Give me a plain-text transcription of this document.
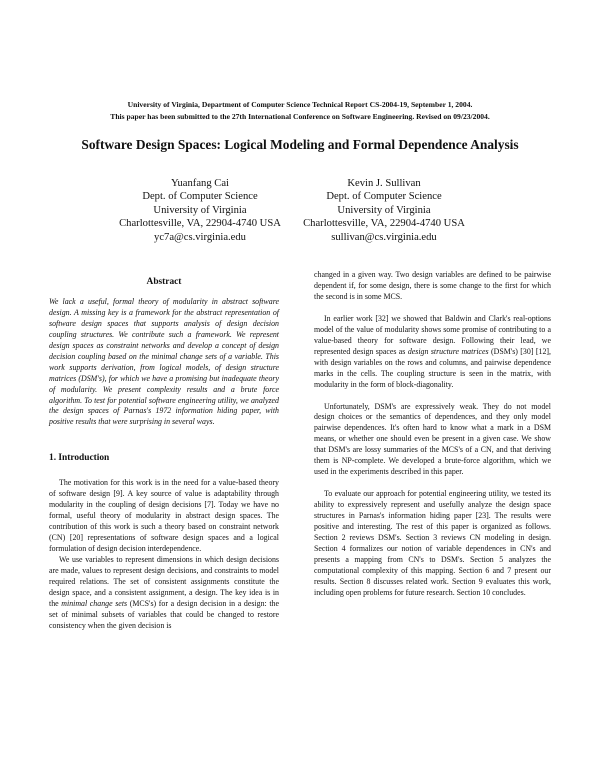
University of Virginia, Department of Computer Science Technical Report CS-2004-19, September 1, 2004.
This paper has been submitted to the 27th International Conference on Software Engineering. Revised on 09/23/2004.
Software Design Spaces: Logical Modeling and Formal Dependence Analysis
Yuanfang Cai
Dept. of Computer Science
University of Virginia
Charlottesville, VA, 22904-4740 USA
yc7a@cs.virginia.edu
Kevin J. Sullivan
Dept. of Computer Science
University of Virginia
Charlottesville, VA, 22904-4740 USA
sullivan@cs.virginia.edu
Abstract

We lack a useful, formal theory of modularity in abstract software design. A missing key is a framework for the abstract representation of software design spaces that supports analysis of design decision coupling structures. We contribute such a framework. We represent design spaces as constraint networks and develop a concept of design decision coupling based on the minimal change sets of a variable. This work supports derivation, from logical models, of design structure matrices (DSM's), for which we have a promising but inadequate theory of modularity. We present complexity results and a brute force algorithm. To test for potential software engineering utility, we analyzed the design spaces of Parnas's 1972 information hiding paper, with positive results that were surprising in several ways.

1. Introduction

The motivation for this work is in the need for a value-based theory of software design [9]. A key source of value is adaptability through modularity in the coupling of design decisions [7]. Today we have no formal, useful theory of modularity in abstract design spaces. The contribution of this work is such a theory based on constraint network (CN) [20] representations of software design spaces and a logical formulation of design decision interdependence.

We use variables to represent dimensions in which design decisions are made, values to represent design decisions, and constraints to model required relations. The set of consistent assignments constitute the design space, and a consistent assignment, a design. The key idea is in the minimal change sets (MCS's) for a design decision in a design: the set of minimal subsets of variables that could be changed to restore consistency when the given decision is

changed in a given way. Two design variables are defined to be pairwise dependent if, for some design, there is some change to the first for which the second is in some MCS.

In earlier work [32] we showed that Baldwin and Clark's real-options model of the value of modularity shows some promise of contributing to a value-based theory for software design. Following their lead, we represented design spaces as design structure matrices (DSM's) [30] [12], with design variables on the rows and columns, and pairwise dependence marks in the cells. The coupling structure is seen in the matrix, with modularity in the form of block-diagonality.

Unfortunately, DSM's are expressively weak. They do not model design choices or the semantics of dependences, and they only model pairwise dependences. It's often hard to know what a mark in a DSM means, or whether one should even be present in a given case. We show that DSM's are lossy summaries of the MCS's of a CN, and that deriving them is NP-complete. We developed a brute-force algorithm, which we used in the experiments described in this paper.

To evaluate our approach for potential engineering utility, we tested its ability to expressively represent and usefully analyze the design space structures in Parnas's information hiding paper [23]. The results were positive and interesting. The rest of this paper is organized as follows. Section 2 reviews DSM's. Section 3 reviews CN modeling in design. Section 4 formalizes our notion of variable dependences in CN's and presents a mapping from CN's to DSM's. Section 5 analyzes the computational complexity of this mapping. Section 6 and 7 present our results. Section 8 discusses related work. Section 9 evaluates this work, including open problems for future research. Section 10 concludes.
